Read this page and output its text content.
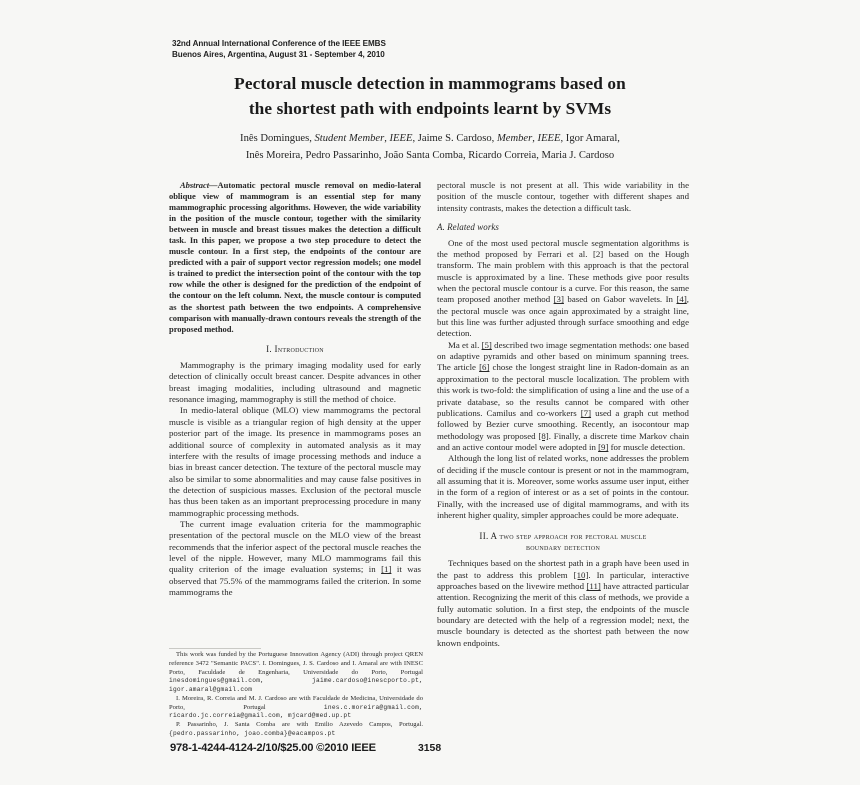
32nd Annual International Conference of the IEEE EMBS
Buenos Aires, Argentina, August 31 - September 4, 2010
Pectoral muscle detection in mammograms based on
the shortest path with endpoints learnt by SVMs
Inês Domingues, Student Member, IEEE, Jaime S. Cardoso, Member, IEEE, Igor Amaral,
Inês Moreira, Pedro Passarinho, João Santa Comba, Ricardo Correia, Maria J. Cardoso

Abstract—Automatic pectoral muscle removal on medio-lateral oblique view of mammogram is an essential step for many mammographic processing algorithms. However, the wide variability in the position of the muscle contour, together with the similarity between in muscle and breast tissues makes the detection a difficult task. In this paper, we propose a two step procedure to detect the muscle contour. In a first step, the endpoints of the contour are predicted with a pair of support vector regression models; one model is trained to predict the intersection point of the contour with the top row while the other is designed for the prediction of the endpoint of the contour on the left column. Next, the muscle contour is computed as the shortest path between the two endpoints. A comprehensive comparison with manually-drawn contours reveals the strength of the proposed method.

I. Introduction

Mammography is the primary imaging modality used for early detection of clinically occult breast cancer. Despite advances in other breast imaging modalities, including ultrasound and magnetic resonance imaging, mammography is still the method of choice.

In medio-lateral oblique (MLO) view mammograms the pectoral muscle is visible as a triangular region of high density at the upper posterior part of the image. Its presence in mammograms poses an additional source of complexity in automated analysis as it may interfere with the results of image processing methods and induce a bias in breast cancer detection. The texture of the pectoral muscle may also be similar to some abnormalities and may cause false positives in the detection of suspicious masses. Exclusion of the pectoral muscle has thus been taken as an important preprocessing procedure in many mammographic processing methods.

The current image evaluation criteria for the mammographic presentation of the pectoral muscle on the MLO view of the breast recommends that the inferior aspect of the pectoral muscle reaches the level of the nipple. However, many MLO mammograms fail this quality criterion of the image evaluation systems; in [1] it was observed that 75.5% of the mammograms failed the criterion. In some mammograms the

pectoral muscle is not present at all. This wide variability in the position of the muscle contour, together with different shapes and intensity contrasts, makes the detection a difficult task.

A. Related works

One of the most used pectoral muscle segmentation algorithms is the method proposed by Ferrari et al. [2] based on the Hough transform. The main problem with this approach is that the pectoral muscle is approximated by a line. These methods give poor results when the pectoral muscle contour is a curve. For this reason, the same team proposed another method [3] based on Gabor wavelets. In [4], the pectoral muscle was once again approximated by a straight line, but this line was further adjusted through surface smoothing and edge detection.

Ma et al. [5] described two image segmentation methods: one based on adaptive pyramids and other based on minimum spanning trees. The article [6] chose the longest straight line in Radon-domain as an approximation to the pectoral muscle localization. The problem with this work is two-fold: the simplification of using a line and the use of a private database, so the results cannot be compared with other publications. Camilus and co-workers [7] used a graph cut method followed by Bezier curve smoothing. Recently, an isocontour map methodology was proposed [8]. Finally, a discrete time Markov chain and an active contour model were adopted in [9] for muscle detection.

Although the long list of related works, none addresses the problem of deciding if the muscle contour is present or not in the mammogram, all assuming that it is. Moreover, some works assume user input, either in the form of a region of interest or as a set of points in the contour. Finally, with the increased use of digital mammograms, and with its inherent higher quality, simpler approaches could be more adequate.

II. A two step approach for pectoral muscle
boundary detection

Techniques based on the shortest path in a graph have been used in the past to address this problem [10]. In particular, interactive approaches based on the livewire method [11] have attracted particular attention. Recognizing the merit of this class of methods, we provide a fully automatic solution. In a first step, the endpoints of the muscle boundary are detected with the help of a regression model; next, the muscle boundary is detected as the shortest path between the now known endpoints.

This work was funded by the Portuguese Innovation Agency (ADI) through project QREN reference 3472 "Semantic PACS". I. Domingues, J. S. Cardoso and I. Amaral are with INESC Porto, Faculdade de Engenharia, Universidade do Porto, Portugal inesdomingues@gmail.com, jaime.cardoso@inescporto.pt, igor.amaral@gmail.com

I. Moreira, R. Correia and M. J. Cardoso are with Faculdade de Medicina, Universidade do Porto, Portugal ines.c.moreira@gmail.com, ricardo.jc.correia@gmail.com, mjcard@med.up.pt

P. Passarinho, J. Santa Comba are with Emilio Azevedo Campos, Portugal. {pedro.passarinho, joao.comba}@eacampos.pt

978-1-4244-4124-2/10/$25.00 ©2010 IEEE	3158
